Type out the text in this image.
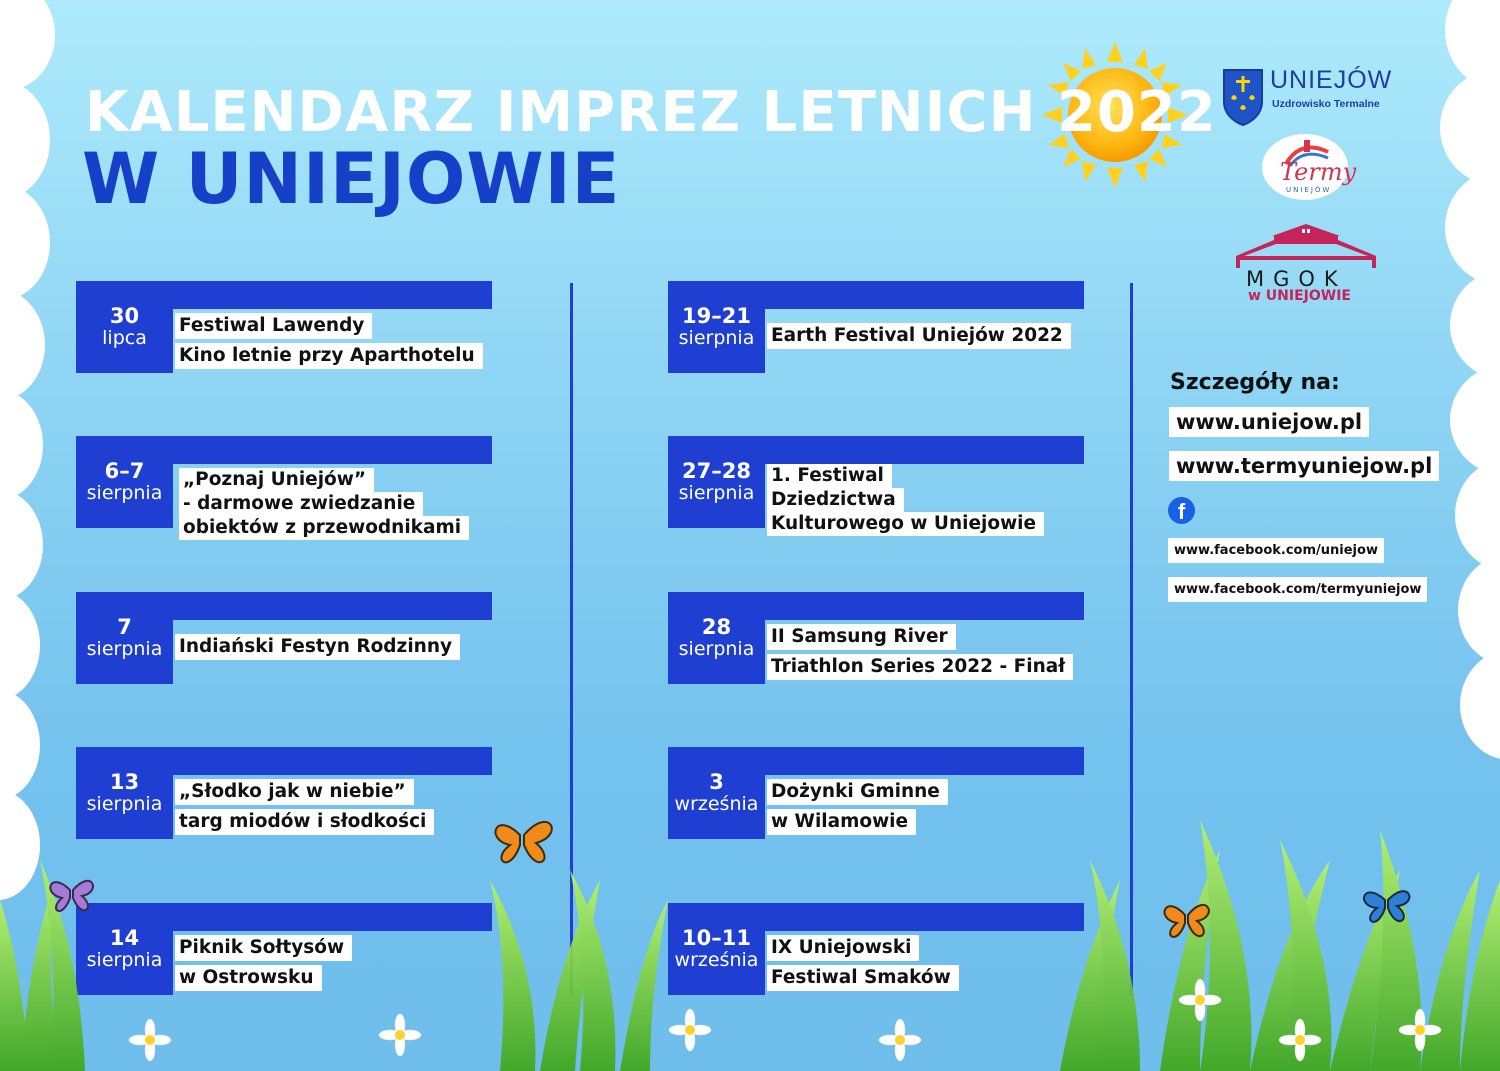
KALENDARZ IMPREZ LETNICH 2022
W UNIEJOWIE
30
lipca
Festiwal Lawendy
Kino letnie przy Aparthotelu
6–7
sierpnia
„Poznaj Uniejów”
- darmowe zwiedzanie
obiektów z przewodnikami
7
sierpnia Indiański Festyn Rodzinny
13
sierpnia
„Słodko jak w niebie”
targ miodów i słodkości
14
sierpnia
Piknik Sołtysów
w Ostrowsku
19–21
sierpnia Earth Festival Uniejów 2022
27–28
sierpnia
1. Festiwal
Dziedzictwa
Kulturowego w Uniejowie
28
sierpnia
II Samsung River
Triathlon Series 2022 - Finał
3
września
Dożynki Gminne
w Wilamowie
10–11
września
IX Uniejowski
Festiwal Smaków
UNIEJÓW
Uzdrowisko Termalne
Termy
UNIEJÓW
MGOK
w UNIEJOWIE
Szczegóły na:
www.uniejow.pl
www.termyuniejow.pl
f
www.facebook.com/uniejow
www.facebook.com/termyuniejow
